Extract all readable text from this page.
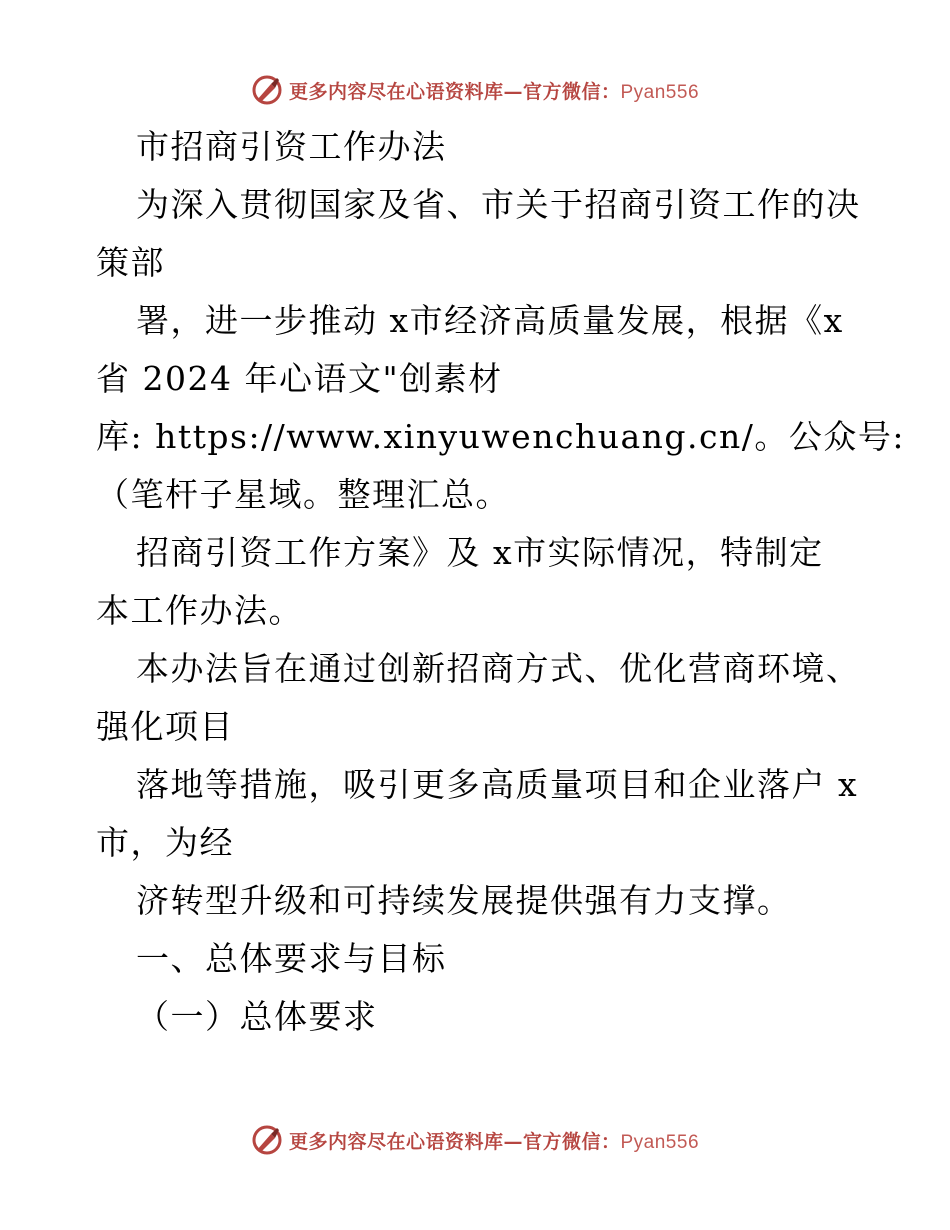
更多内容尽在心语资料库—官方微信：Pyan556
市招商引资工作办法
为深入贯彻国家及省、市关于招商引资工作的决
策部
署，进一步推动 x市经济高质量发展，根据《x
省 2024 年心语文"创素材
库: https://www.xinyuwenchuang.cn/。公众号:
（笔杆子星域。整理汇总。
招商引资工作方案》及 x市实际情况，特制定
本工作办法。
本办法旨在通过创新招商方式、优化营商环境、
强化项目
落地等措施，吸引更多高质量项目和企业落户 x
市，为经
济转型升级和可持续发展提供强有力支撑。
一、总体要求与目标
（一）总体要求
更多内容尽在心语资料库—官方微信：Pyan556
